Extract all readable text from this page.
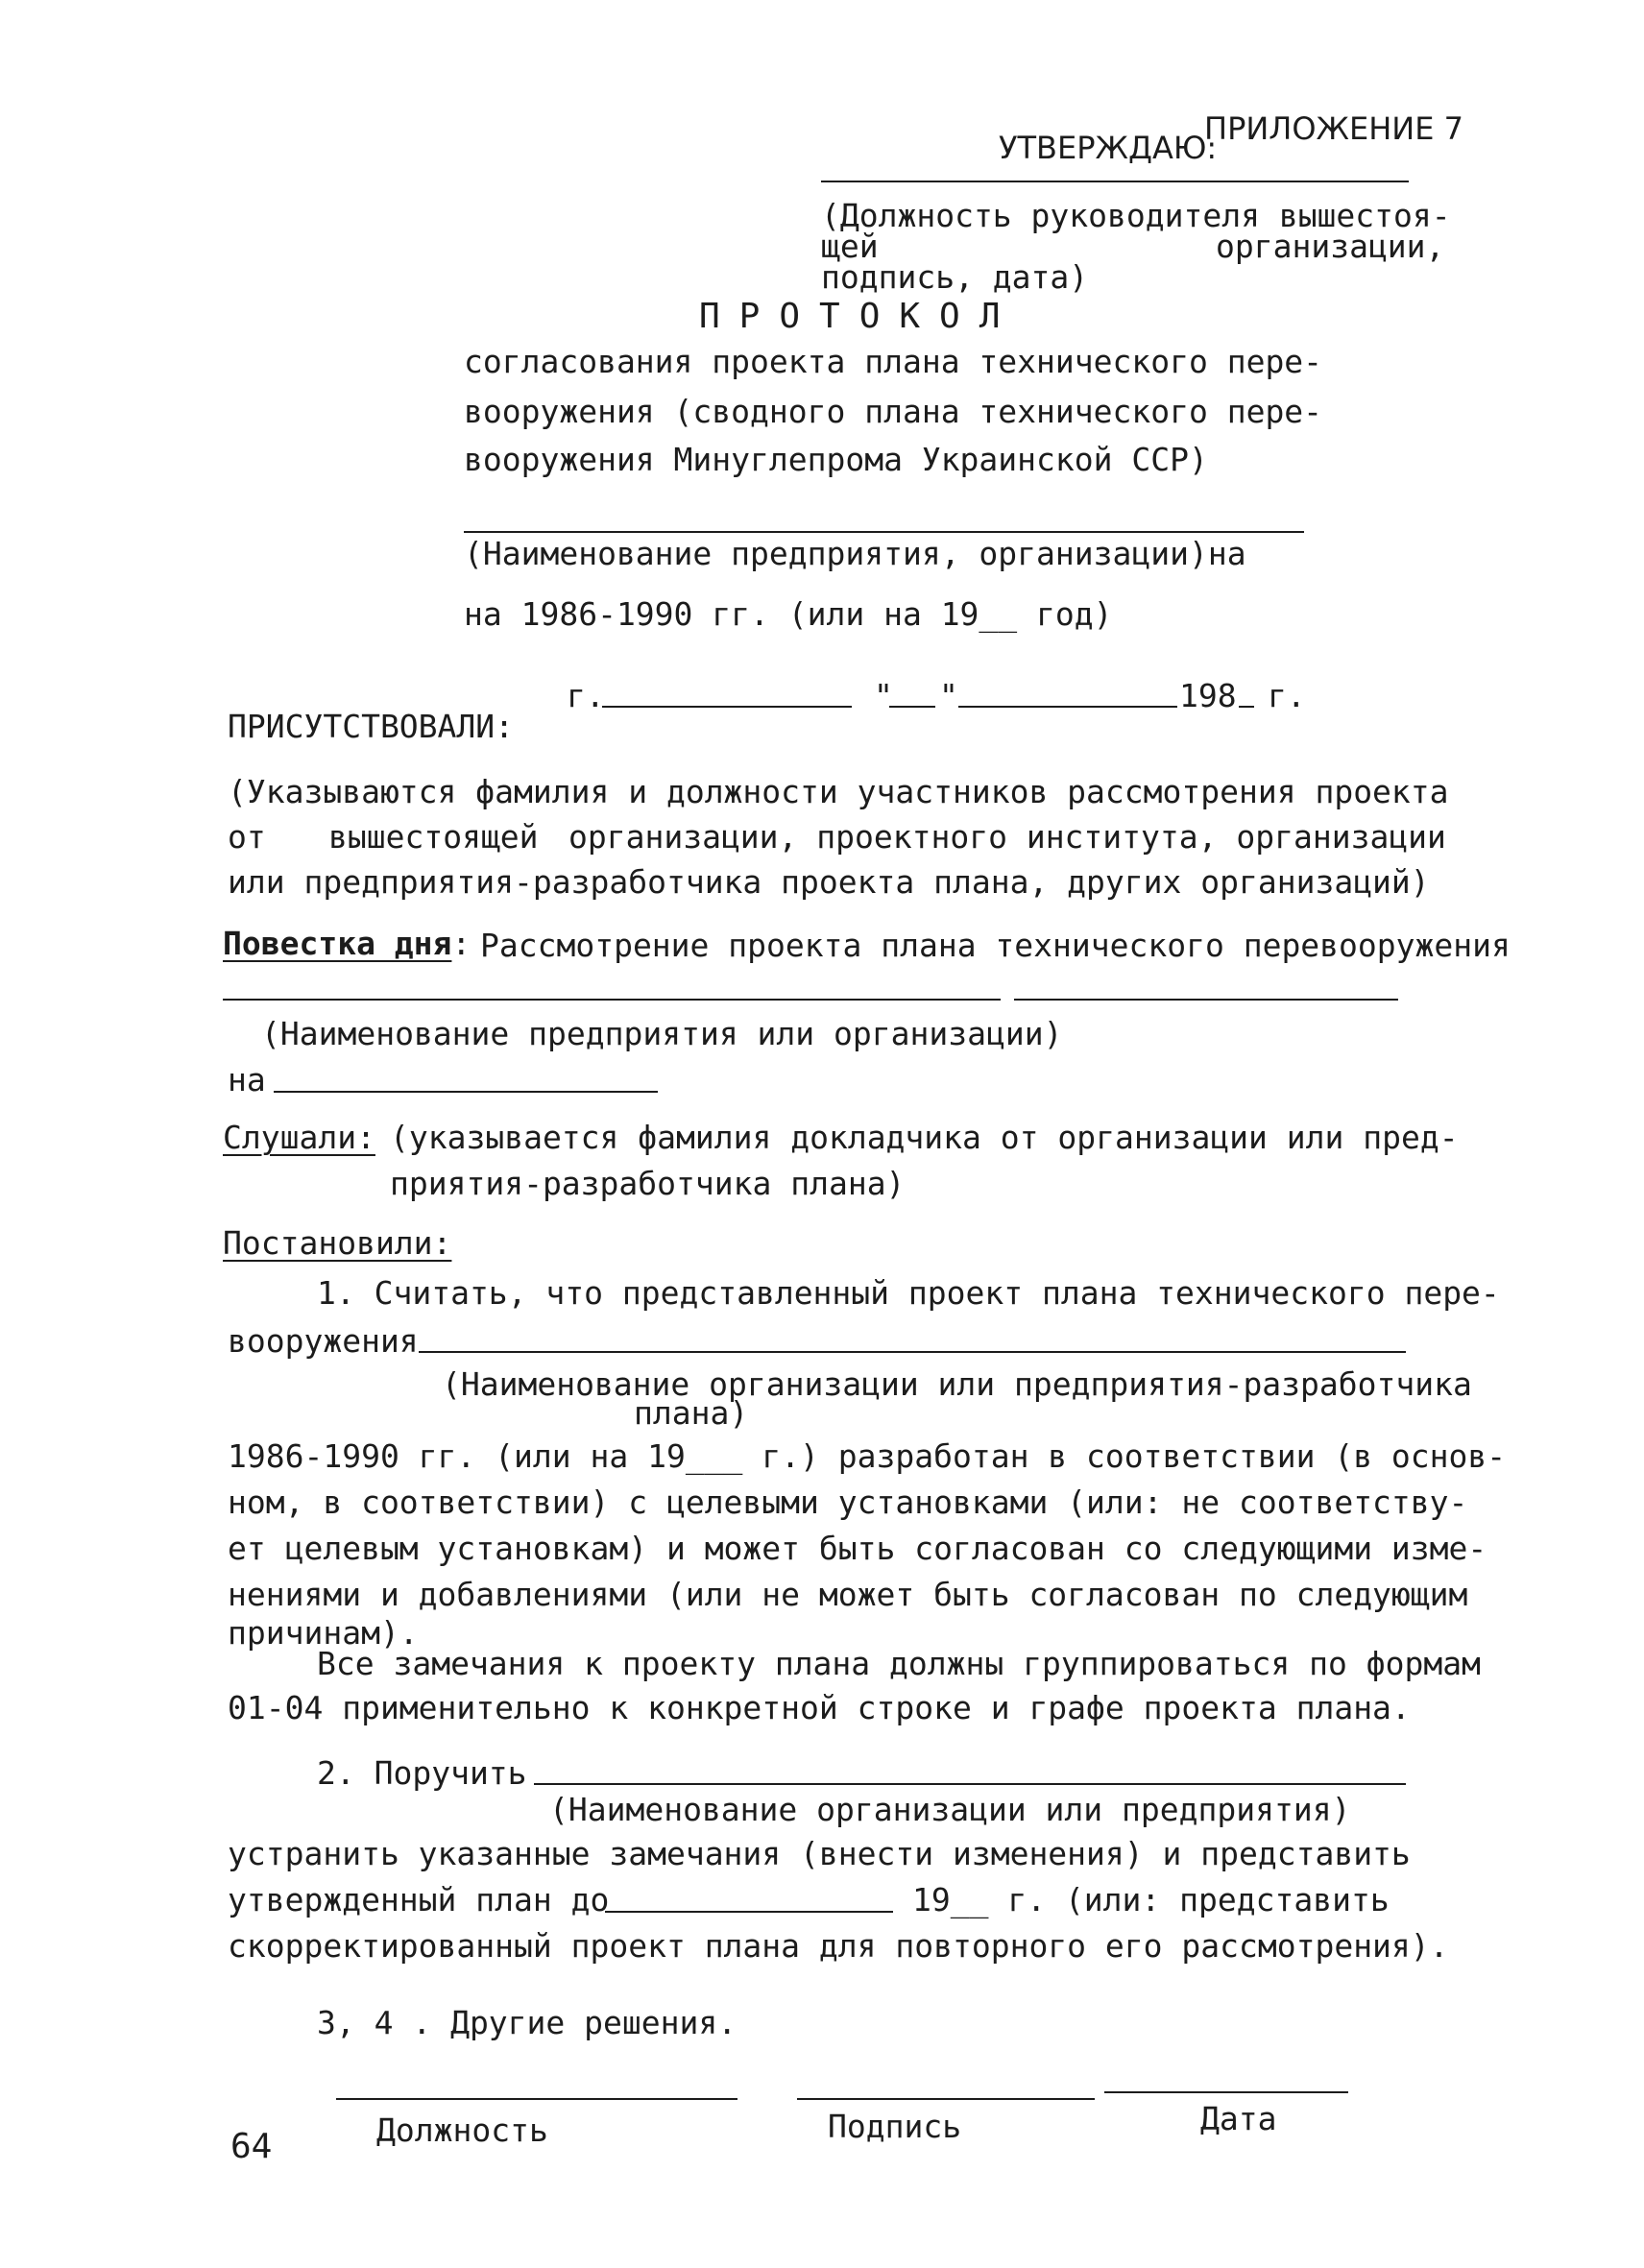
УТВЕРЖДАЮ:
ПРИЛОЖЕНИЕ 7
(Должность руководителя вышестоя-
щей	организации,
подпись, дата)
ПРОТОКОЛ
согласования проекта плана технического пере-
вооружения (сводного плана технического пере-
вооружения Минуглепрома Украинской ССР)
(Наименование предприятия, организации)на
на 1986-1990 гг. (или на 19__ год)
г.	" "	198 г.
ПРИСУТСТВОВАЛИ:
(Указываются фамилия и должности участников рассмотрения проекта
от вышестоящей организации, проектного института, организации
или предприятия-разработчика проекта плана, других организаций)
Повестка дня: Рассмотрение проекта плана технического перевооружения
(Наименование предприятия или организации)
на
Слушали: (указывается фамилия докладчика от организации или пред-
приятия-разработчика плана)
Постановили:
1. Считать, что представленный проект плана технического пере-
вооружения
(Наименование организации или предприятия-разработчика
плана)
1986-1990 гг. (или на 19___ г.) разработан в соответствии (в основ-
ном, в соответствии) с целевыми установками (или: не соответству-
ет целевым установкам) и может быть согласован со следующими изме-
нениями и добавлениями (или не может быть согласован по следующим
причинам).
Все замечания к проекту плана должны группироваться по формам
01-04 применительно к конкретной строке и графе проекта плана.
2. Поручить
(Наименование организации или предприятия)
устранить указанные замечания (внести изменения) и представить
утвержденный план до	19__ г. (или: представить
скорректированный проект плана для повторного его рассмотрения).
3, 4 . Другие решения.
Должность	Подпись	Дата
64
